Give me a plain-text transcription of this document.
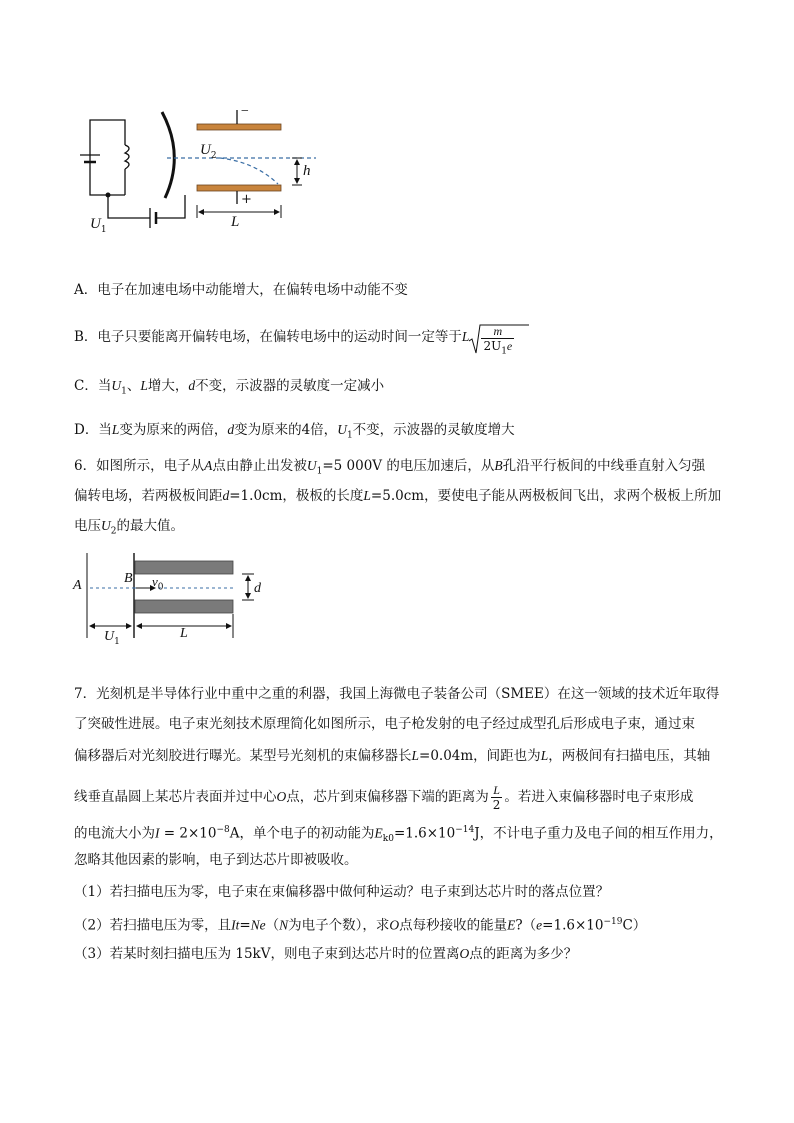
−
+
$U_2$
h
L
$U_1$
A．电子在加速电场中动能增大，在偏转电场中动能不变
B．电子只要能离开偏转电场，在偏转电场中的运动时间一定等于L $\frac{m}{2U_1e}$
C．当$U_1$、L增大，d不变，示波器的灵敏度一定减小
D．当L变为原来的两倍，d变为原来的4倍，$U_1$不变，示波器的灵敏度增大
6．如图所示，电子从A点由静止出发被$U_1=5$ 000V 的电压加速后，从B孔沿平行板间的中线垂直射入匀强
偏转电场，若两极板间距d=1.0cm，极板的长度L=5.0cm，要使电子能从两极板间飞出，求两个极板上所加
电压$U_2$的最大值。
A	B $v_0$	d
$U_1$
L
7．光刻机是半导体行业中重中之重的利器，我国上海微电子装备公司（SMEE）在这一领域的技术近年取得
了突破性进展。电子束光刻技术原理简化如图所示，电子枪发射的电子经过成型孔后形成电子束，通过束
偏移器后对光刻胶进行曝光。某型号光刻机的束偏移器长L=0.04m，间距也为L，两极间有扫描电压，其轴
线垂直晶圆上某芯片表面并过中心O点，芯片到束偏移器下端的距离为 $\frac{L}{2}$ 。若进入束偏移器时电子束形成
的电流大小为$I = 2\times 10^{-8}A$，单个电子的初动能为$E_{k0}=1.6\times 10^{-14}J$，不计电子重力及电子间的相互作用力，
忽略其他因素的影响，电子到达芯片即被吸收。
（1）若扫描电压为零，电子束在束偏移器中做何种运动？电子束到达芯片时的落点位置？
（2）若扫描电压为零，且It=Ne（N为电子个数），求O点每秒接收的能量$E?(e=1.6\times 10^{-19}C)$
（3）若某时刻扫描电压为 15kV，则电子束到达芯片时的位置离O点的距离为多少？
